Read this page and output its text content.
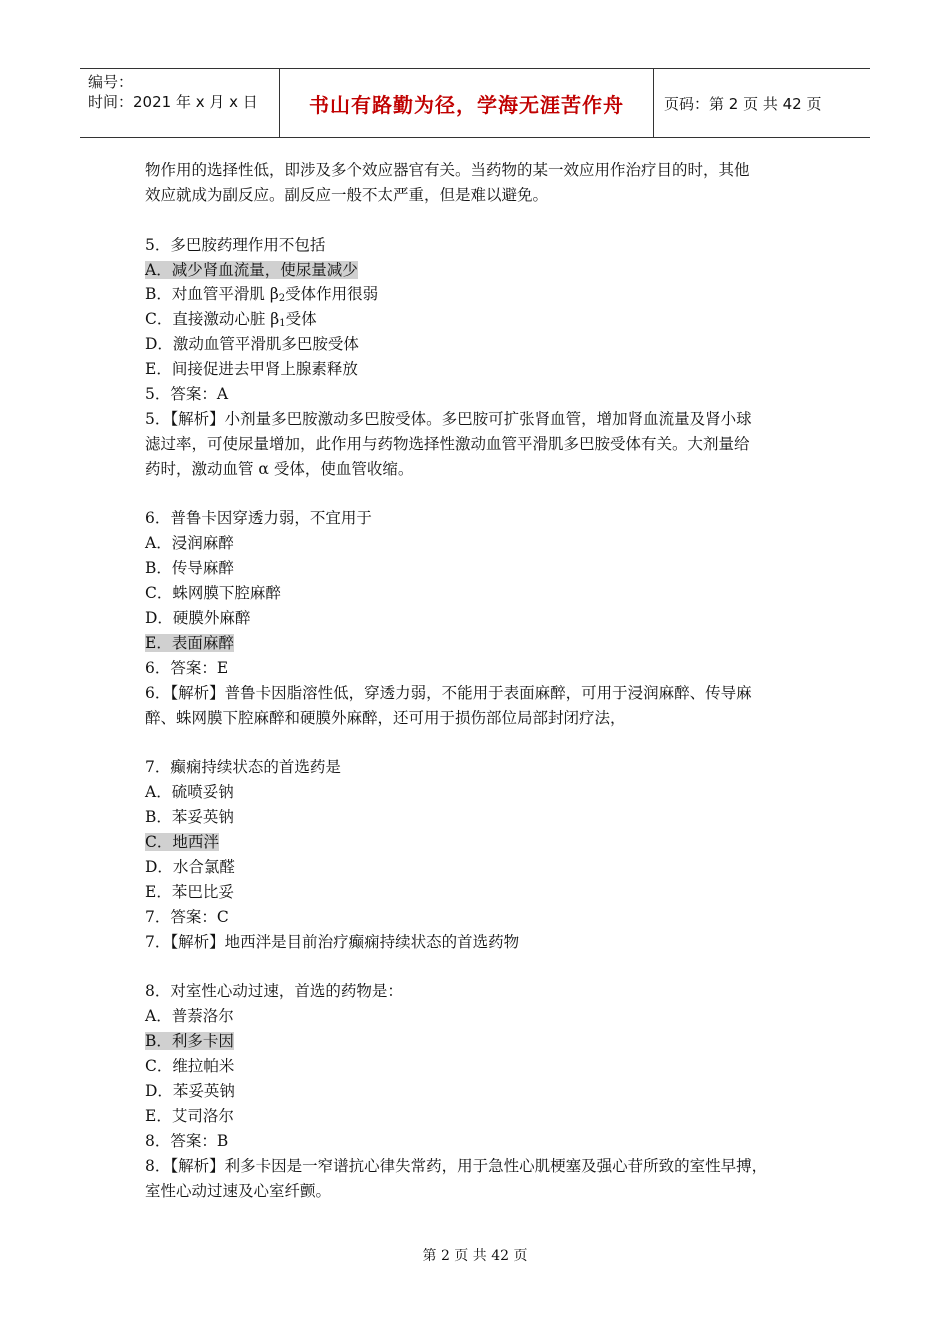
编号：
时间：2021 年 x 月 x 日	书山有路勤为径，学海无涯苦作舟	页码：第 2 页 共 42 页
物作用的选择性低，即涉及多个效应器官有关。当药物的某一效应用作治疗目的时，其他
效应就成为副反应。副反应一般不太严重，但是难以避免。
5．多巴胺药理作用不包括
A．减少肾血流量，使尿量减少
B．对血管平滑肌 $\beta_2$受体作用很弱
C．直接激动心脏 $\beta_1$受体
D．激动血管平滑肌多巴胺受体
E．间接促进去甲肾上腺素释放
5．答案：A
5．【解析】小剂量多巴胺激动多巴胺受体。多巴胺可扩张肾血管，增加肾血流量及肾小球
滤过率，可使尿量增加，此作用与药物选择性激动血管平滑肌多巴胺受体有关。大剂量给
药时，激动血管 α 受体，使血管收缩。
6．普鲁卡因穿透力弱，不宜用于
A．浸润麻醉
B．传导麻醉
C．蛛网膜下腔麻醉
D．硬膜外麻醉
E．表面麻醉
6．答案：E
6．【解析】普鲁卡因脂溶性低，穿透力弱，不能用于表面麻醉，可用于浸润麻醉、传导麻
醉、蛛网膜下腔麻醉和硬膜外麻醉，还可用于损伤部位局部封闭疗法，
7．癫痫持续状态的首选药是
A．硫喷妥钠
B．苯妥英钠
C．地西泮
D．水合氯醛
E．苯巴比妥
7．答案：C
7．【解析】地西泮是目前治疗癫痫持续状态的首选药物
8．对室性心动过速，首选的药物是：
A．普萘洛尔
B．利多卡因
C．维拉帕米
D．苯妥英钠
E．艾司洛尔
8．答案：B
8．【解析】利多卡因是一窄谱抗心律失常药，用于急性心肌梗塞及强心苷所致的室性早搏，
室性心动过速及心室纤颤。
第 2 页 共 42 页
